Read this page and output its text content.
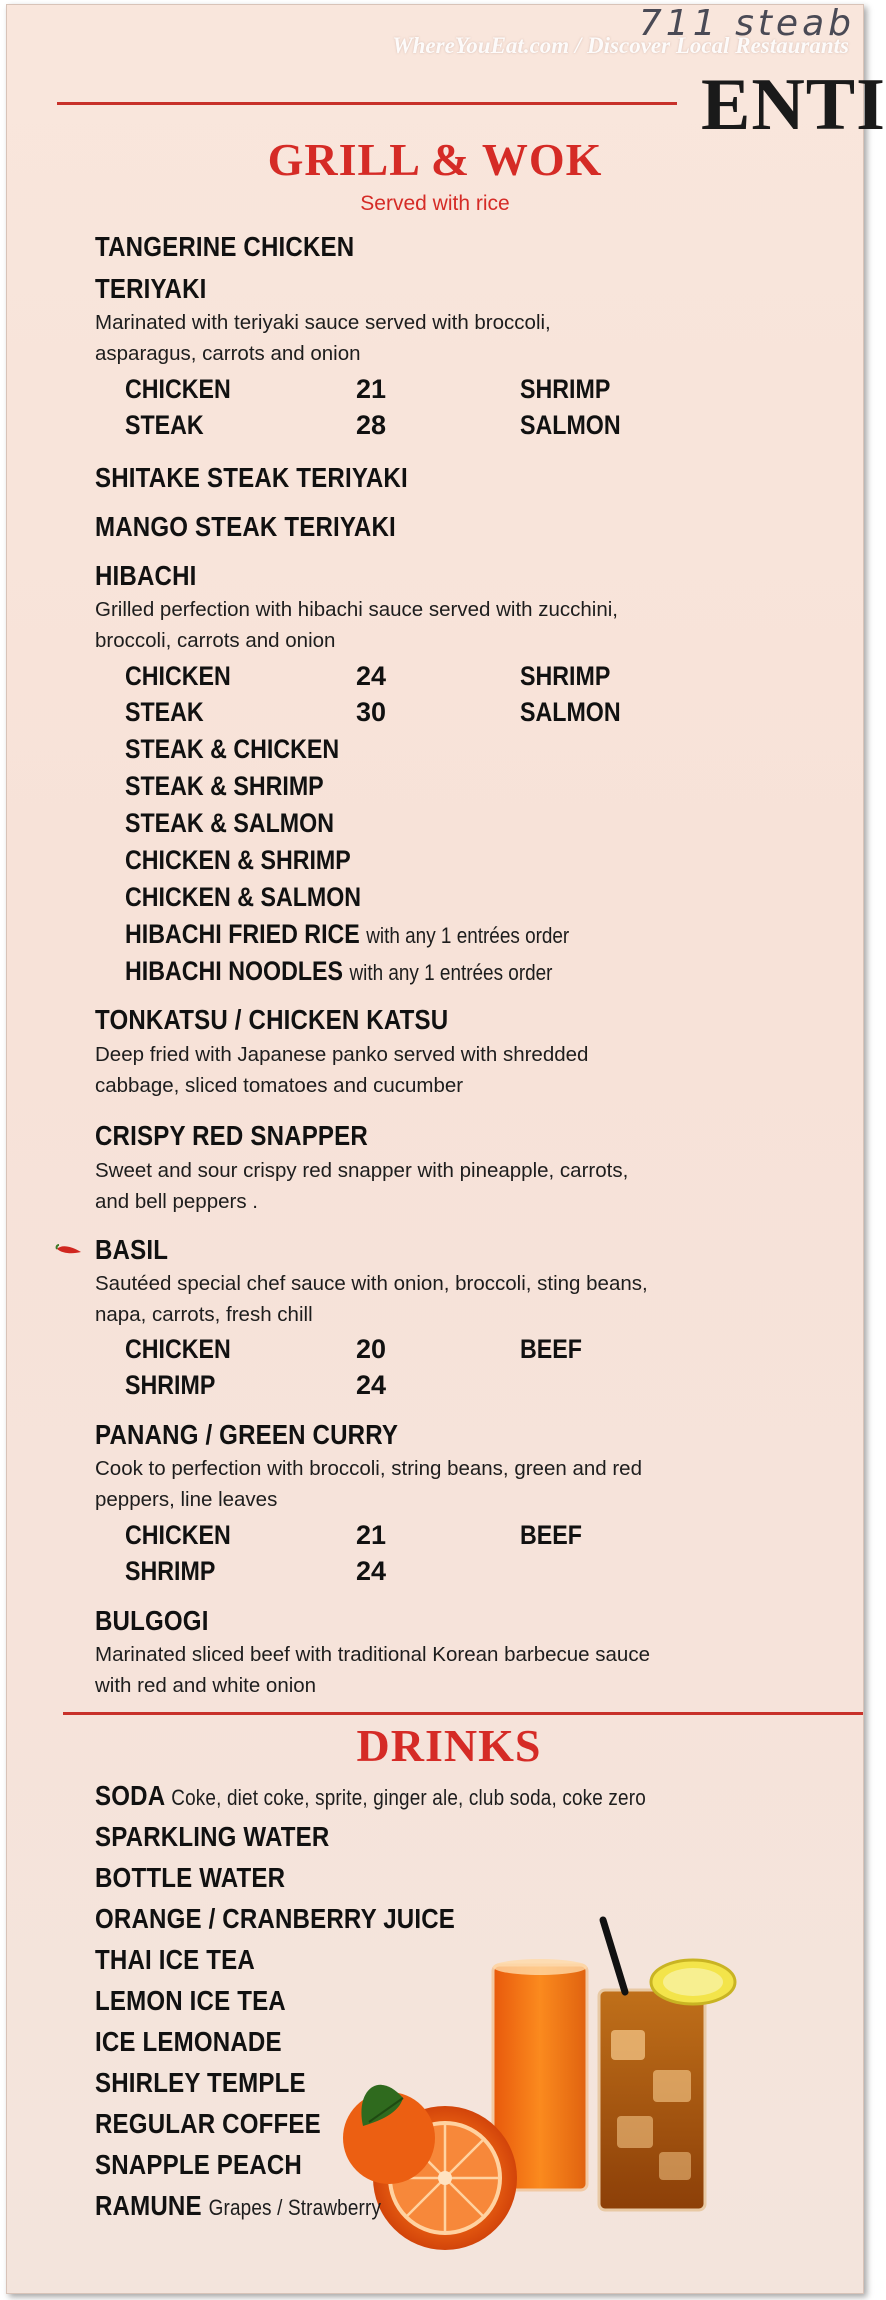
711 steab
WhereYouEat.com / Discover Local Restaurants
ENTI
GRILL & WOK
Served with rice
TANGERINE CHICKEN
TERIYAKI
Marinated with teriyaki sauce served with broccoli,
asparagus, carrots and onion
CHICKEN	21	SHRIMP
STEAK	28	SALMON
SHITAKE STEAK TERIYAKI
MANGO STEAK TERIYAKI
HIBACHI
Grilled perfection with hibachi sauce served with zucchini,
broccoli, carrots and onion
CHICKEN	24	SHRIMP
STEAK	30	SALMON
STEAK & CHICKEN
STEAK & SHRIMP
STEAK & SALMON
CHICKEN & SHRIMP
CHICKEN & SALMON
HIBACHI FRIED RICE with any 1 entrées order
HIBACHI NOODLES with any 1 entrées order
TONKATSU / CHICKEN KATSU
Deep fried with Japanese panko served with shredded
cabbage, sliced tomatoes and cucumber
CRISPY RED SNAPPER
Sweet and sour crispy red snapper with pineapple, carrots,
and bell peppers .
BASIL
Sautéed special chef sauce with onion, broccoli, sting beans,
napa, carrots, fresh chill
CHICKEN	20	BEEF
SHRIMP	24
PANANG / GREEN CURRY
Cook to perfection with broccoli, string beans, green and red
peppers, line leaves
CHICKEN	21	BEEF
SHRIMP	24
BULGOGI
Marinated sliced beef with traditional Korean barbecue sauce
with red and white onion
DRINKS
SODA Coke, diet coke, sprite, ginger ale, club soda, coke zero
SPARKLING WATER
BOTTLE WATER
ORANGE / CRANBERRY JUICE
THAI ICE TEA
LEMON ICE TEA
ICE LEMONADE
SHIRLEY TEMPLE
REGULAR COFFEE
SNAPPLE PEACH
RAMUNE Grapes / Strawberry
